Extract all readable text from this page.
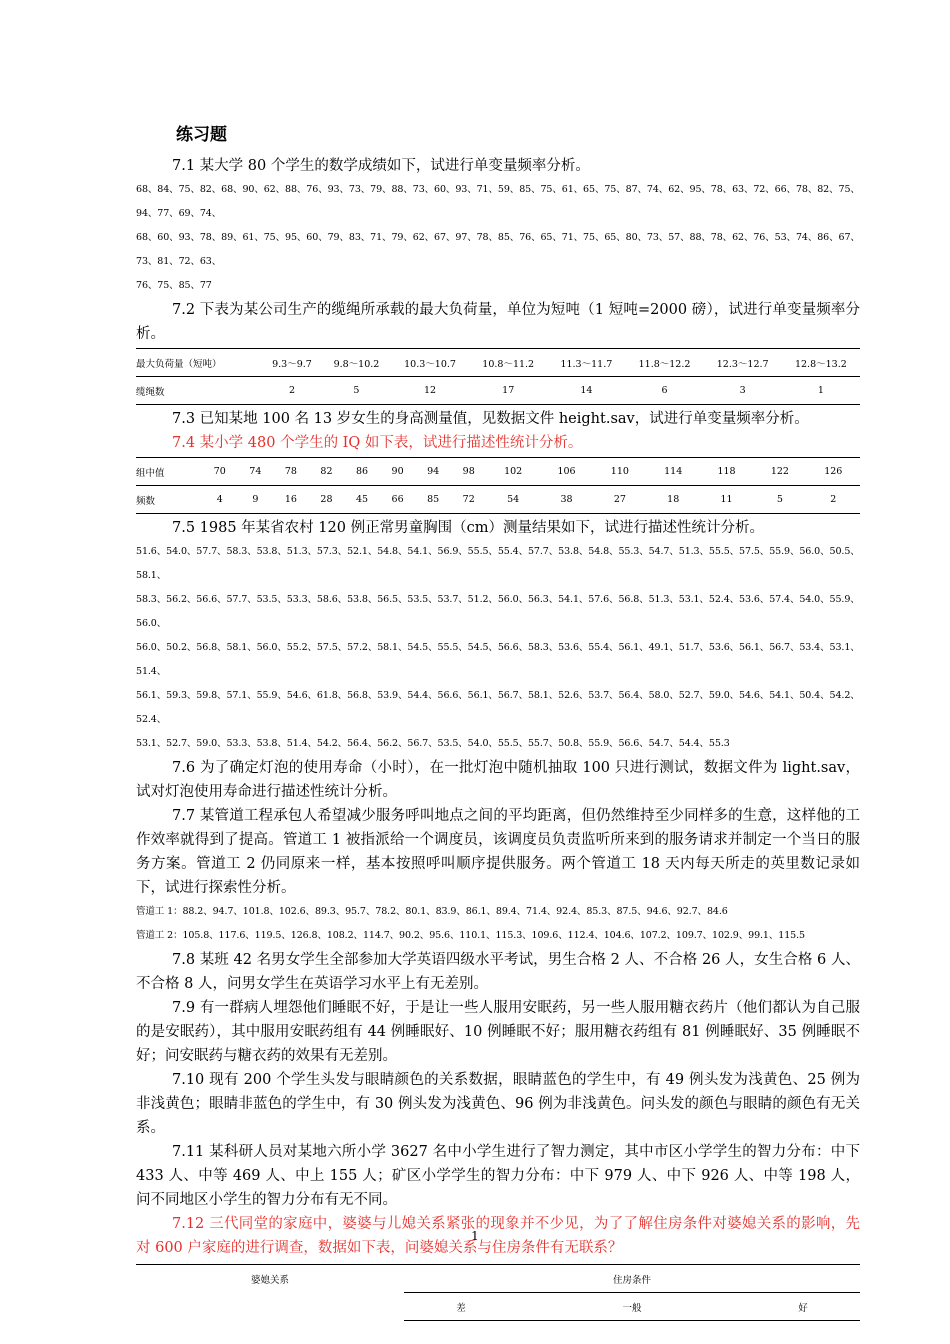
练习题

7.1 某大学 80 个学生的数学成绩如下，试进行单变量频率分析。

68、84、75、82、68、90、62、88、76、93、73、79、88、73、60、93、71、59、85、75、61、65、75、87、74、62、95、78、63、72、66、78、82、75、94、77、69、74、

68、60、93、78、89、61、75、95、60、79、83、71、79、62、67、97、78、85、76、65、71、75、65、80、73、57、88、78、62、76、53、74、86、67、73、81、72、63、

76、75、85、77

7.2 下表为某公司生产的缆绳所承载的最大负荷量，单位为短吨（1 短吨=2000 磅），试进行单变量频率分析。

最大负荷量（短吨）	9.3～9.7	9.8～10.2	10.3～10.7	10.8～11.2	11.3～11.7	11.8～12.2	12.3～12.7	12.8～13.2
缆绳数	2	5	12	17	14	6	3	1

7.3 已知某地 100 名 13 岁女生的身高测量值，见数据文件 height.sav，试进行单变量频率分析。

7.4 某小学 480 个学生的 IQ 如下表，试进行描述性统计分析。

组中值	70	74	78	82	86	90	94	98	102	106	110	114	118	122	126
频数	4	9	16	28	45	66	85	72	54	38	27	18	11	5	2

7.5 1985 年某省农村 120 例正常男童胸围（cm）测量结果如下，试进行描述性统计分析。

51.6、54.0、57.7、58.3、53.8、51.3、57.3、52.1、54.8、54.1、56.9、55.5、55.4、57.7、53.8、54.8、55.3、54.7、51.3、55.5、57.5、55.9、56.0、50.5、58.1、

58.3、56.2、56.6、57.7、53.5、53.3、58.6、53.8、56.5、53.5、53.7、51.2、56.0、56.3、54.1、57.6、56.8、51.3、53.1、52.4、53.6、57.4、54.0、55.9、56.0、

56.0、50.2、56.8、58.1、56.0、55.2、57.5、57.2、58.1、54.5、55.5、54.5、56.6、58.3、53.6、55.4、56.1、49.1、51.7、53.6、56.1、56.7、53.4、53.1、51.4、

56.1、59.3、59.8、57.1、55.9、54.6、61.8、56.8、53.9、54.4、56.6、56.1、56.7、58.1、52.6、53.7、56.4、58.0、52.7、59.0、54.6、54.1、50.4、54.2、52.4、

53.1、52.7、59.0、53.3、53.8、51.4、54.2、56.4、56.2、56.7、53.5、54.0、55.5、55.7、50.8、55.9、56.6、54.7、54.4、55.3

7.6 为了确定灯泡的使用寿命（小时），在一批灯泡中随机抽取 100 只进行测试，数据文件为 light.sav，试对灯泡使用寿命进行描述性统计分析。

7.7 某管道工程承包人希望减少服务呼叫地点之间的平均距离，但仍然维持至少同样多的生意，这样他的工作效率就得到了提高。管道工 1 被指派给一个调度员，该调度员负责监听所来到的服务请求并制定一个当日的服务方案。管道工 2 仍同原来一样，基本按照呼叫顺序提供服务。两个管道工 18 天内每天所走的英里数记录如下，试进行探索性分析。

管道工 1：88.2、94.7、101.8、102.6、89.3、95.7、78.2、80.1、83.9、86.1、89.4、71.4、92.4、85.3、87.5、94.6、92.7、84.6

管道工 2：105.8、117.6、119.5、126.8、108.2、114.7、90.2、95.6、110.1、115.3、109.6、112.4、104.6、107.2、109.7、102.9、99.1、115.5

7.8 某班 42 名男女学生全部参加大学英语四级水平考试，男生合格 2 人、不合格 26 人，女生合格 6 人、不合格 8 人，问男女学生在英语学习水平上有无差别。

7.9 有一群病人埋怨他们睡眠不好，于是让一些人服用安眠药，另一些人服用糖衣药片（他们都认为自己服的是安眠药），其中服用安眠药组有 44 例睡眠好、10 例睡眠不好；服用糖衣药组有 81 例睡眠好、35 例睡眠不好；问安眠药与糖衣药的效果有无差别。

7.10 现有 200 个学生头发与眼睛颜色的关系数据，眼睛蓝色的学生中，有 49 例头发为浅黄色、25 例为非浅黄色；眼睛非蓝色的学生中，有 30 例头发为浅黄色、96 例为非浅黄色。问头发的颜色与眼睛的颜色有无关系。

7.11 某科研人员对某地六所小学 3627 名中小学生进行了智力测定，其中市区小学学生的智力分布：中下 433 人、中等 469 人、中上 155 人；矿区小学学生的智力分布：中下 979 人、中下 926 人、中等 198 人，问不同地区小学生的智力分布有无不同。

7.12 三代同堂的家庭中，婆婆与儿媳关系紧张的现象并不少见，为了了解住房条件对婆媳关系的影响，先对 600 户家庭的进行调查，数据如下表，问婆媳关系与住房条件有无联系？

婆媳关系	住房条件		
	差	一般	好
1
